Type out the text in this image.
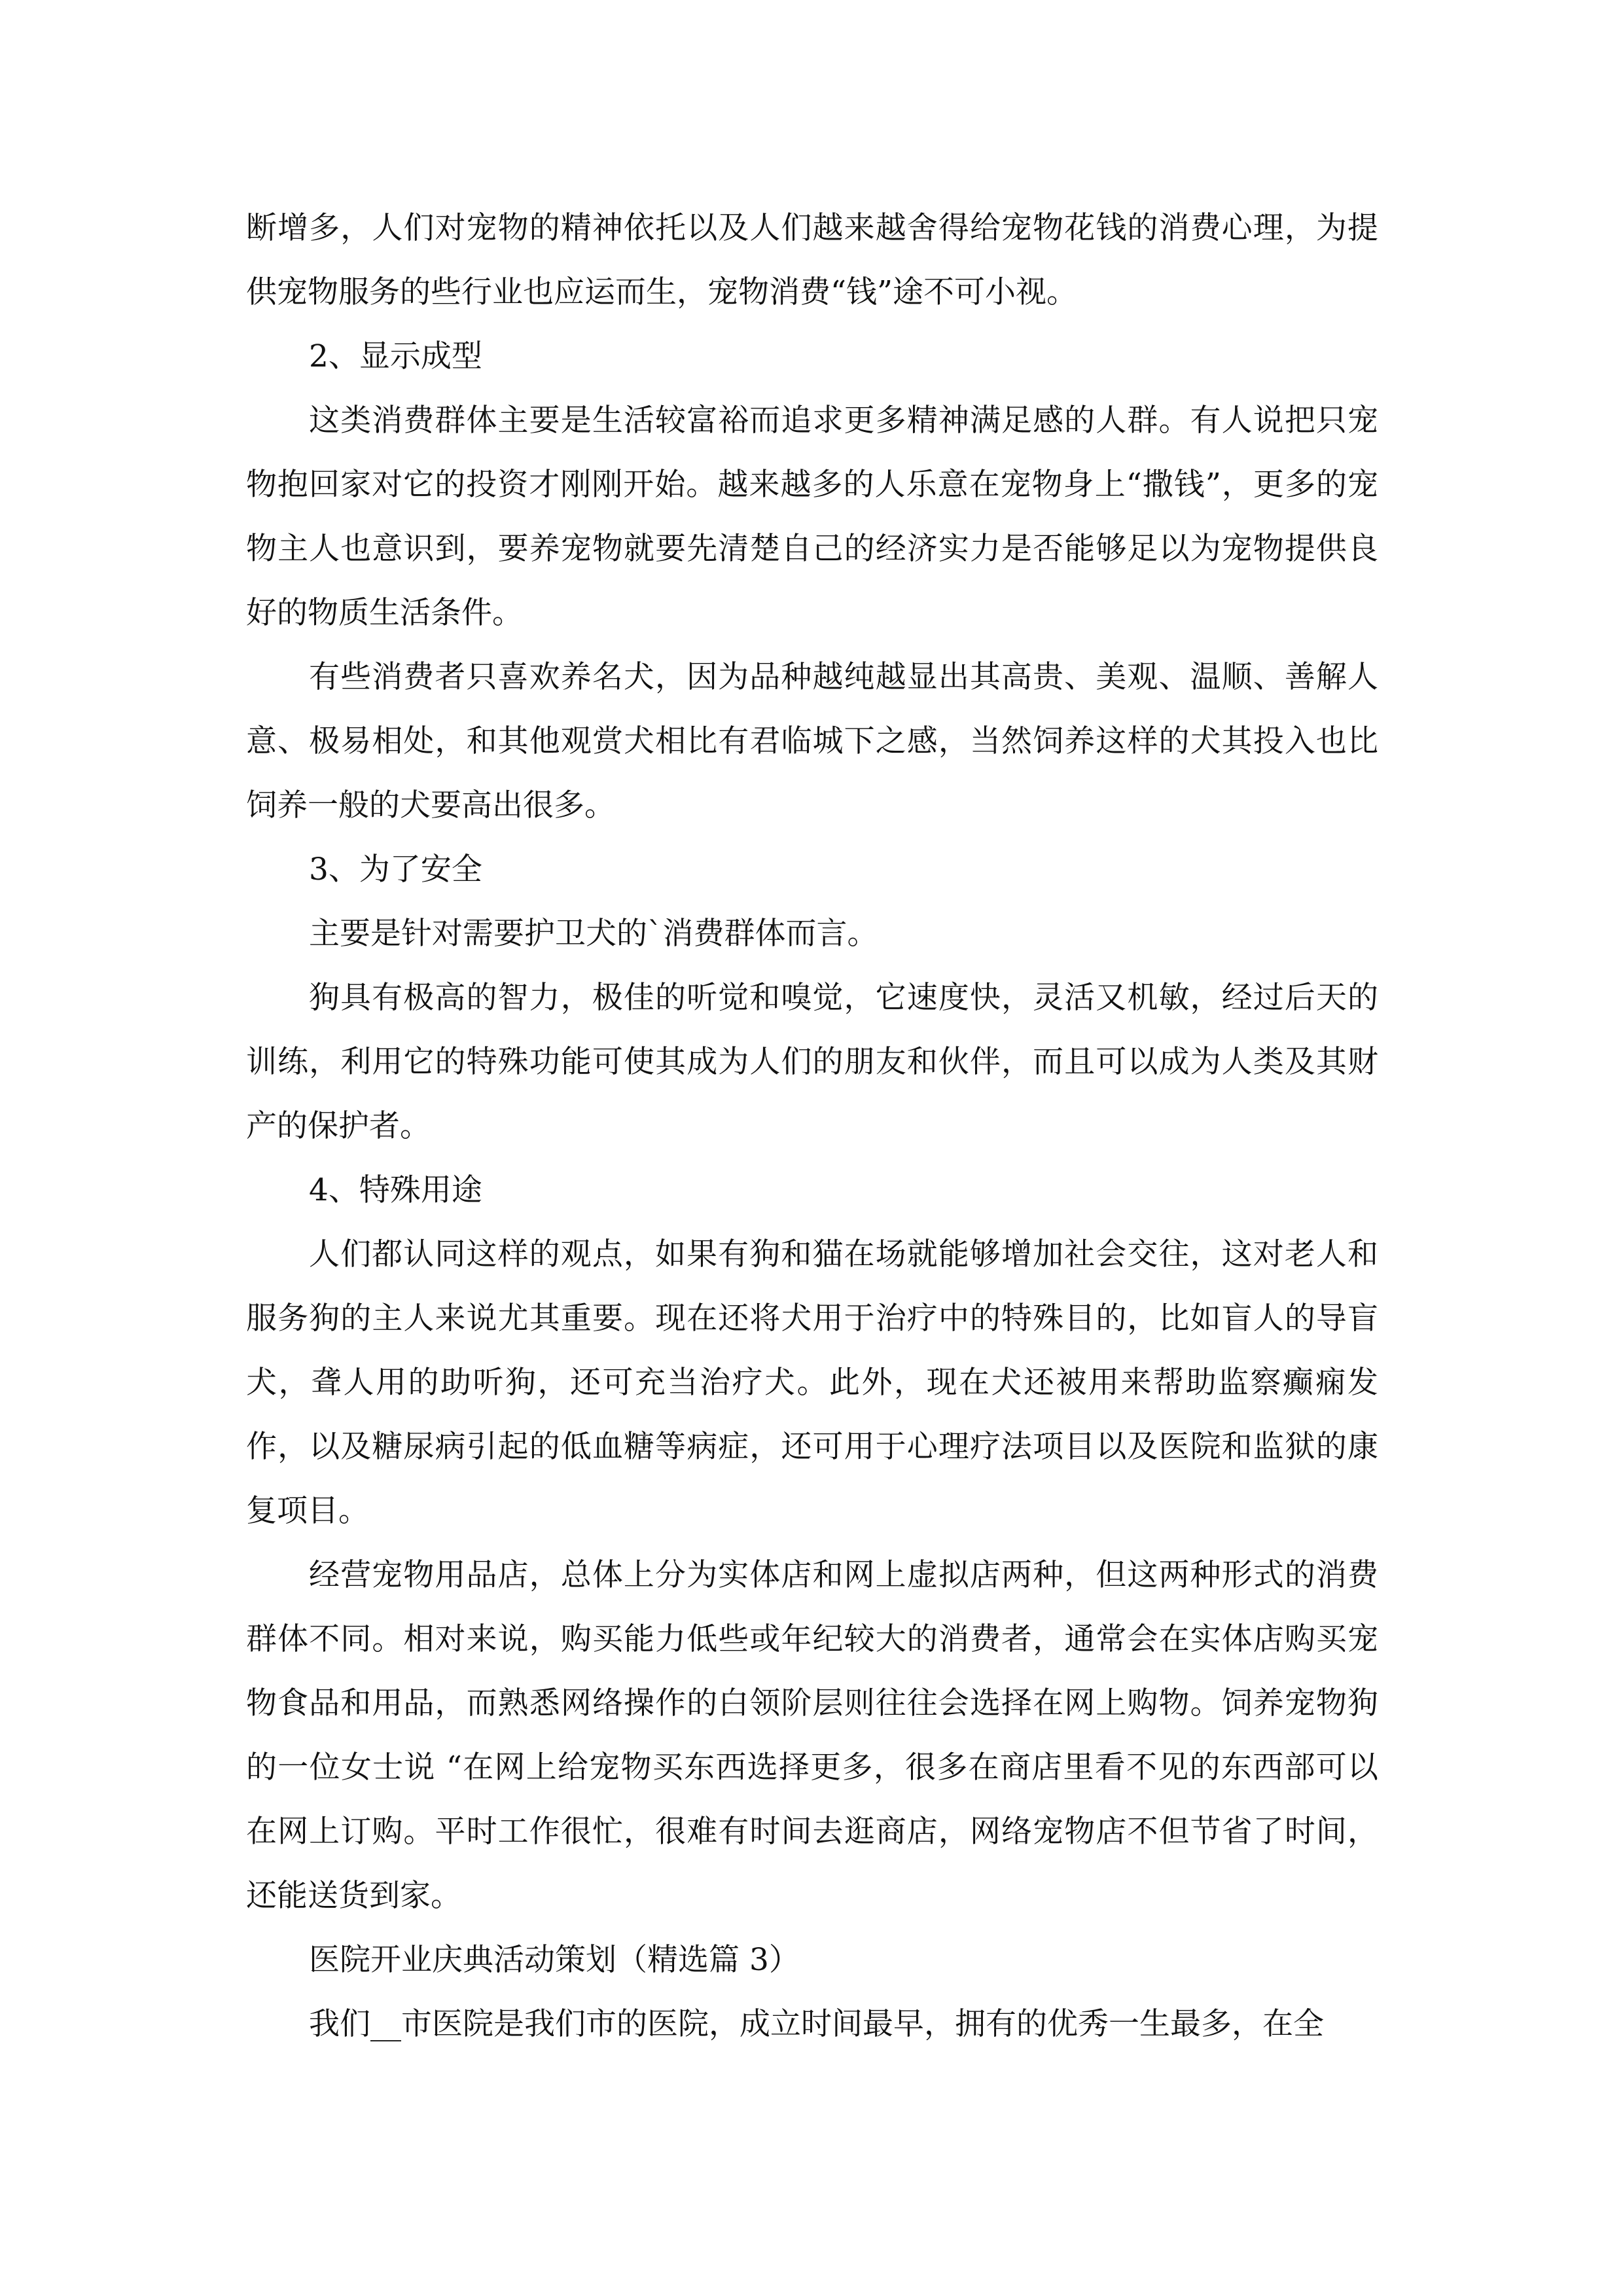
断增多，人们对宠物的精神依托以及人们越来越舍得给宠物花钱的消费心理，为提供宠物服务的些行业也应运而生，宠物消费“钱”途不可小视。

2、显示成型

这类消费群体主要是生活较富裕而追求更多精神满足感的人群。有人说把只宠物抱回家对它的投资才刚刚开始。越来越多的人乐意在宠物身上“撒钱”，更多的宠物主人也意识到，要养宠物就要先清楚自己的经济实力是否能够足以为宠物提供良好的物质生活条件。

有些消费者只喜欢养名犬，因为品种越纯越显出其高贵、美观、温顺、善解人意、极易相处，和其他观赏犬相比有君临城下之感，当然饲养这样的犬其投入也比饲养一般的犬要高出很多。

3、为了安全

主要是针对需要护卫犬的`消费群体而言。

狗具有极高的智力，极佳的听觉和嗅觉，它速度快，灵活又机敏，经过后天的训练，利用它的特殊功能可使其成为人们的朋友和伙伴，而且可以成为人类及其财产的保护者。

4、特殊用途

人们都认同这样的观点，如果有狗和猫在场就能够增加社会交往，这对老人和服务狗的主人来说尤其重要。现在还将犬用于治疗中的特殊目的，比如盲人的导盲犬，聋人用的助听狗，还可充当治疗犬。此外，现在犬还被用来帮助监察癫痫发作，以及糖尿病引起的低血糖等病症，还可用于心理疗法项目以及医院和监狱的康复项目。

经营宠物用品店，总体上分为实体店和网上虚拟店两种，但这两种形式的消费群体不同。相对来说，购买能力低些或年纪较大的消费者，通常会在实体店购买宠物食品和用品，而熟悉网络操作的白领阶层则往往会选择在网上购物。饲养宠物狗的一位女士说 “在网上给宠物买东西选择更多，很多在商店里看不见的东西部可以在网上订购。平时工作很忙，很难有时间去逛商店，网络宠物店不但节省了时间，还能送货到家。

医院开业庆典活动策划（精选篇 3）

我们__市医院是我们市的医院，成立时间最早，拥有的优秀一生最多，在全
